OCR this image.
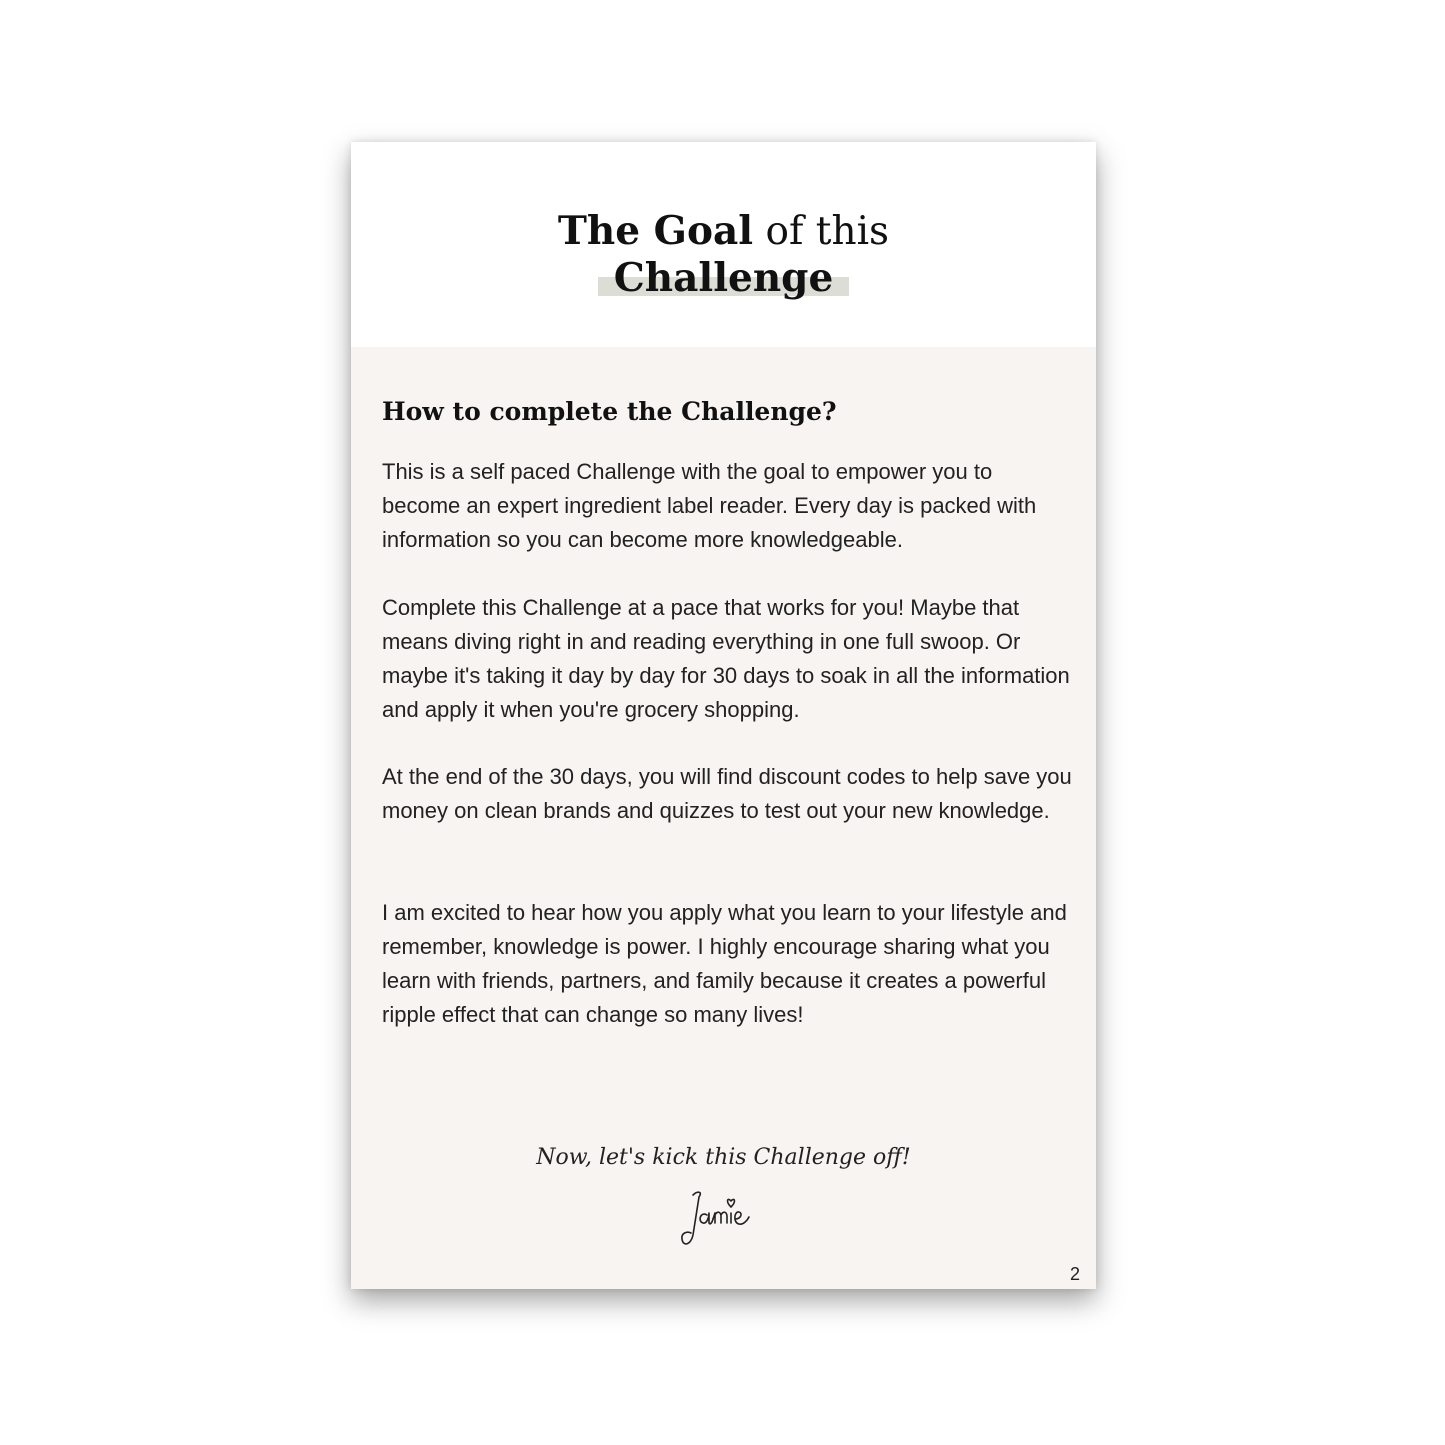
The Goal of this

Challenge
How to complete the Challenge?

This is a self paced Challenge with the goal to empower you to become an expert ingredient label reader. Every day is packed with information so you can become more knowledgeable.

Complete this Challenge at a pace that works for you! Maybe that means diving right in and reading everything in one full swoop. Or maybe it's taking it day by day for 30 days to soak in all the information and apply it when you're grocery shopping.

At the end of the 30 days, you will find discount codes to help save you money on clean brands and quizzes to test out your new knowledge.

I am excited to hear how you apply what you learn to your lifestyle and remember, knowledge is power. I highly encourage sharing what you learn with friends, partners, and family because it creates a powerful ripple effect that can change so many lives!

Now, let's kick this Challenge off!

2
